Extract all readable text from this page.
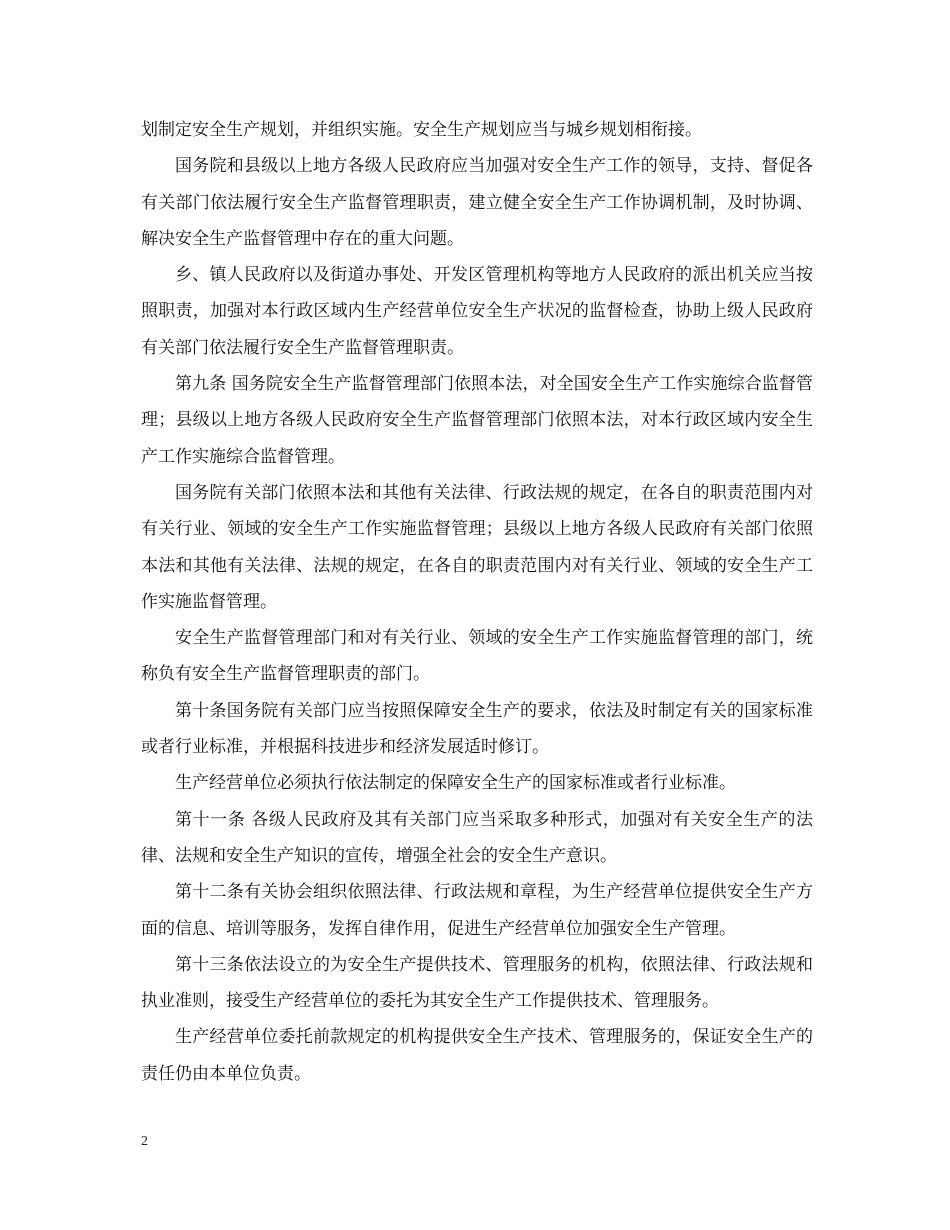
划制定安全生产规划，并组织实施。安全生产规划应当与城乡规划相衔接。

国务院和县级以上地方各级人民政府应当加强对安全生产工作的领导，支持、督促各有关部门依法履行安全生产监督管理职责，建立健全安全生产工作协调机制，及时协调、解决安全生产监督管理中存在的重大问题。

乡、镇人民政府以及街道办事处、开发区管理机构等地方人民政府的派出机关应当按照职责，加强对本行政区域内生产经营单位安全生产状况的监督检查，协助上级人民政府有关部门依法履行安全生产监督管理职责。

第九条 国务院安全生产监督管理部门依照本法，对全国安全生产工作实施综合监督管理；县级以上地方各级人民政府安全生产监督管理部门依照本法，对本行政区域内安全生产工作实施综合监督管理。

国务院有关部门依照本法和其他有关法律、行政法规的规定，在各自的职责范围内对有关行业、领域的安全生产工作实施监督管理；县级以上地方各级人民政府有关部门依照本法和其他有关法律、法规的规定，在各自的职责范围内对有关行业、领域的安全生产工作实施监督管理。

安全生产监督管理部门和对有关行业、领域的安全生产工作实施监督管理的部门，统称负有安全生产监督管理职责的部门。

第十条国务院有关部门应当按照保障安全生产的要求，依法及时制定有关的国家标准或者行业标准，并根据科技进步和经济发展适时修订。

生产经营单位必须执行依法制定的保障安全生产的国家标准或者行业标准。

第十一条 各级人民政府及其有关部门应当采取多种形式，加强对有关安全生产的法律、法规和安全生产知识的宣传，增强全社会的安全生产意识。

第十二条有关协会组织依照法律、行政法规和章程，为生产经营单位提供安全生产方面的信息、培训等服务，发挥自律作用，促进生产经营单位加强安全生产管理。

第十三条依法设立的为安全生产提供技术、管理服务的机构，依照法律、行政法规和执业准则，接受生产经营单位的委托为其安全生产工作提供技术、管理服务。

生产经营单位委托前款规定的机构提供安全生产技术、管理服务的，保证安全生产的责任仍由本单位负责。

2
